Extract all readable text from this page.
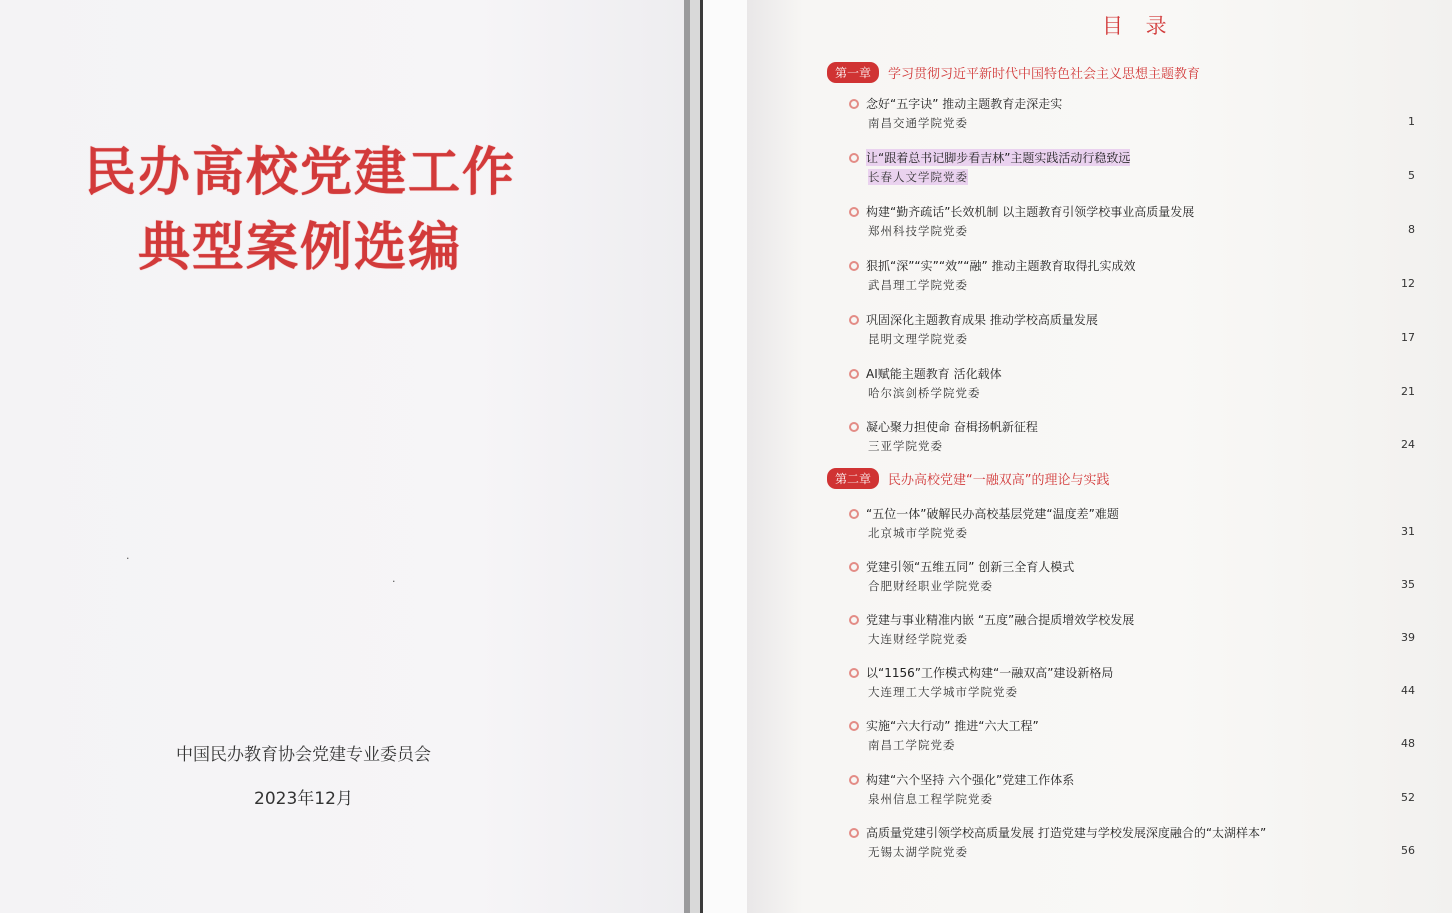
民办高校党建工作
典型案例选编
·
·
中国民办教育协会党建专业委员会
2023年12月
目 录
第一章	学习贯彻习近平新时代中国特色社会主义思想主题教育
念好“五字诀” 推动主题教育走深走实
南昌交通学院党委	1
让“跟着总书记脚步看吉林”主题实践活动行稳致远
长春人文学院党委	5
构建“勤齐疏话”长效机制 以主题教育引领学校事业高质量发展
郑州科技学院党委	8
狠抓“深”“实”“效”“融” 推动主题教育取得扎实成效
武昌理工学院党委	12
巩固深化主题教育成果 推动学校高质量发展
昆明文理学院党委	17
AI赋能主题教育 活化载体
哈尔滨剑桥学院党委	21
凝心聚力担使命 奋楫扬帆新征程
三亚学院党委	24
第二章	民办高校党建“一融双高”的理论与实践
“五位一体”破解民办高校基层党建“温度差”难题
北京城市学院党委	31
党建引领“五维五同” 创新三全育人模式
合肥财经职业学院党委	35
党建与事业精准内嵌 “五度”融合提质增效学校发展
大连财经学院党委	39
以“1156”工作模式构建“一融双高”建设新格局
大连理工大学城市学院党委	44
实施“六大行动” 推进“六大工程”
南昌工学院党委	48
构建“六个坚持 六个强化”党建工作体系
泉州信息工程学院党委	52
高质量党建引领学校高质量发展 打造党建与学校发展深度融合的“太湖样本”
无锡太湖学院党委	56
